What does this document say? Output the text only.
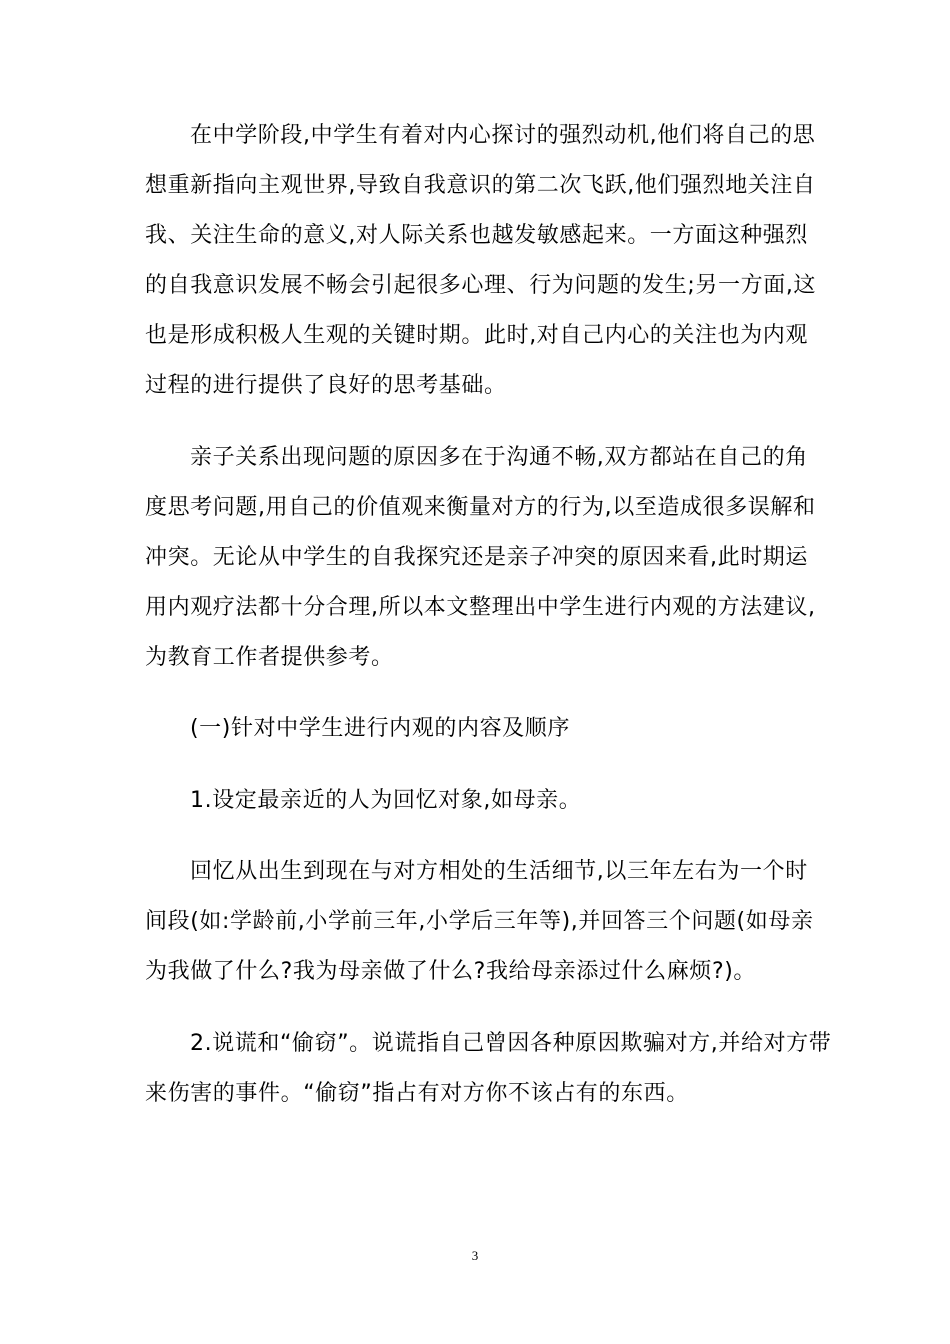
在中学阶段,中学生有着对内心探讨的强烈动机,他们将自己的思
想重新指向主观世界,导致自我意识的第二次飞跃,他们强烈地关注自
我、关注生命的意义,对人际关系也越发敏感起来。一方面这种强烈
的自我意识发展不畅会引起很多心理、行为问题的发生;另一方面,这
也是形成积极人生观的关键时期。此时,对自己内心的关注也为内观
过程的进行提供了良好的思考基础。
亲子关系出现问题的原因多在于沟通不畅,双方都站在自己的角
度思考问题,用自己的价值观来衡量对方的行为,以至造成很多误解和
冲突。无论从中学生的自我探究还是亲子冲突的原因来看,此时期运
用内观疗法都十分合理,所以本文整理出中学生进行内观的方法建议,
为教育工作者提供参考。
(一)针对中学生进行内观的内容及顺序
1.设定最亲近的人为回忆对象,如母亲。
回忆从出生到现在与对方相处的生活细节,以三年左右为一个时
间段(如:学龄前,小学前三年,小学后三年等),并回答三个问题(如母亲
为我做了什么?我为母亲做了什么?我给母亲添过什么麻烦?)。
2.说谎和“偷窃”。说谎指自己曾因各种原因欺骗对方,并给对方带
来伤害的事件。“偷窃”指占有对方你不该占有的东西。
3
